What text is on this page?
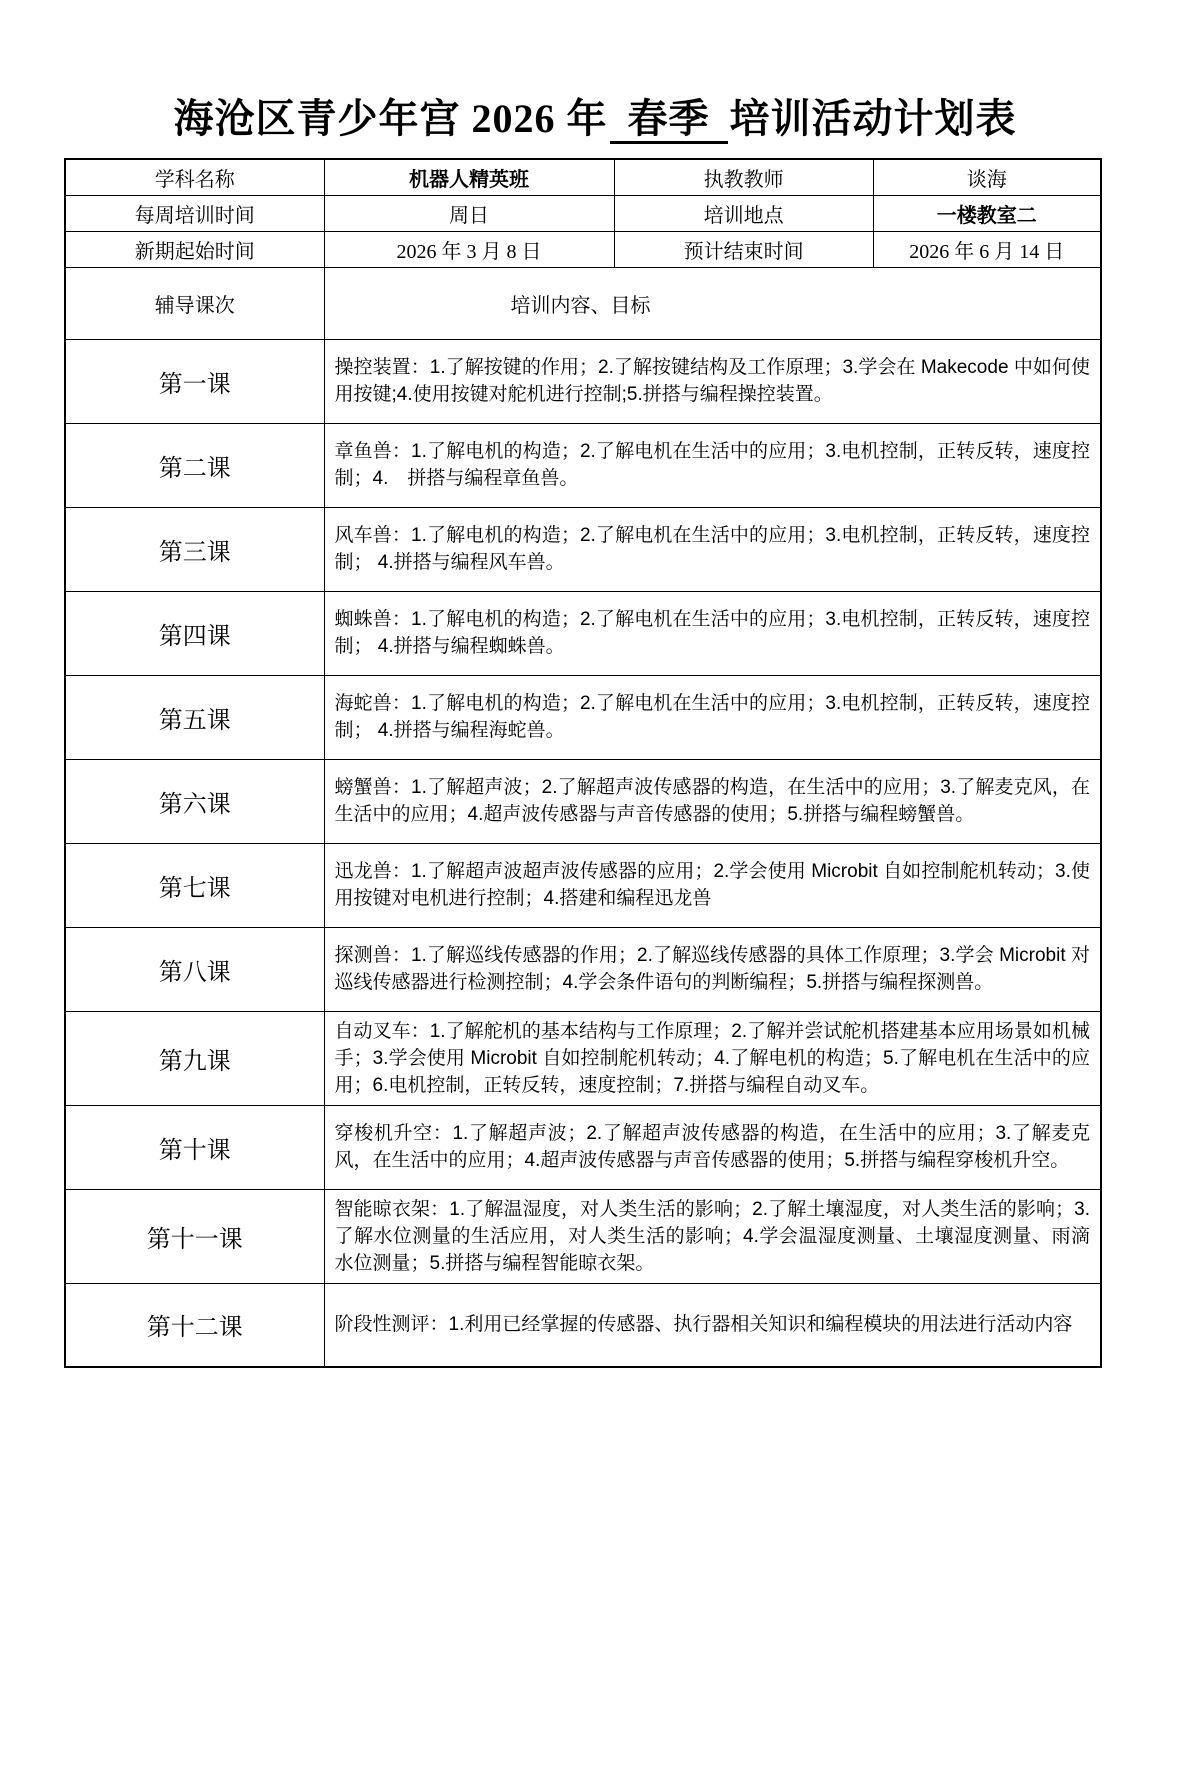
海沧区青少年宫 2026 年 春季 培训活动计划表
学科名称	机器人精英班	执教教师	谈海
每周培训时间	周日	培训地点	一楼教室二
新期起始时间	2026 年 3 月 8 日	预计结束时间	2026 年 6 月 14 日
辅导课次	培训内容、目标		
第一课	操控装置：1.了解按键的作用；2.了解按键结构及工作原理；3.学会在 Makecode 中如何使用按键;4.使用按键对舵机进行控制;5.拼搭与编程操控装置。		
第二课	章鱼兽：1.了解电机的构造；2.了解电机在生活中的应用；3.电机控制，正转反转，速度控制；4.　拼搭与编程章鱼兽。		
第三课	风车兽：1.了解电机的构造；2.了解电机在生活中的应用；3.电机控制，正转反转，速度控制； 4.拼搭与编程风车兽。		
第四课	蜘蛛兽：1.了解电机的构造；2.了解电机在生活中的应用；3.电机控制，正转反转，速度控制； 4.拼搭与编程蜘蛛兽。		
第五课	海蛇兽：1.了解电机的构造；2.了解电机在生活中的应用；3.电机控制，正转反转，速度控制； 4.拼搭与编程海蛇兽。		
第六课	螃蟹兽：1.了解超声波；2.了解超声波传感器的构造，在生活中的应用；3.了解麦克风，在生活中的应用；4.超声波传感器与声音传感器的使用；5.拼搭与编程螃蟹兽。		
第七课	迅龙兽：1.了解超声波超声波传感器的应用；2.学会使用 Microbit 自如控制舵机转动；3.使用按键对电机进行控制；4.搭建和编程迅龙兽		
第八课	探测兽：1.了解巡线传感器的作用；2.了解巡线传感器的具体工作原理；3.学会 Microbit 对巡线传感器进行检测控制；4.学会条件语句的判断编程；5.拼搭与编程探测兽。		
第九课	自动叉车：1.了解舵机的基本结构与工作原理；2.了解并尝试舵机搭建基本应用场景如机械手；3.学会使用 Microbit 自如控制舵机转动；4.了解电机的构造；5.了解电机在生活中的应用；6.电机控制，正转反转，速度控制；7.拼搭与编程自动叉车。		
第十课	穿梭机升空：1.了解超声波；2.了解超声波传感器的构造，在生活中的应用；3.了解麦克风，在生活中的应用；4.超声波传感器与声音传感器的使用；5.拼搭与编程穿梭机升空。		
第十一课	智能晾衣架：1.了解温湿度，对人类生活的影响；2.了解土壤湿度，对人类生活的影响；3.了解水位测量的生活应用，对人类生活的影响；4.学会温湿度测量、土壤湿度测量、雨滴水位测量；5.拼搭与编程智能晾衣架。		
第十二课	阶段性测评：1.利用已经掌握的传感器、执行器相关知识和编程模块的用法进行活动内容		
